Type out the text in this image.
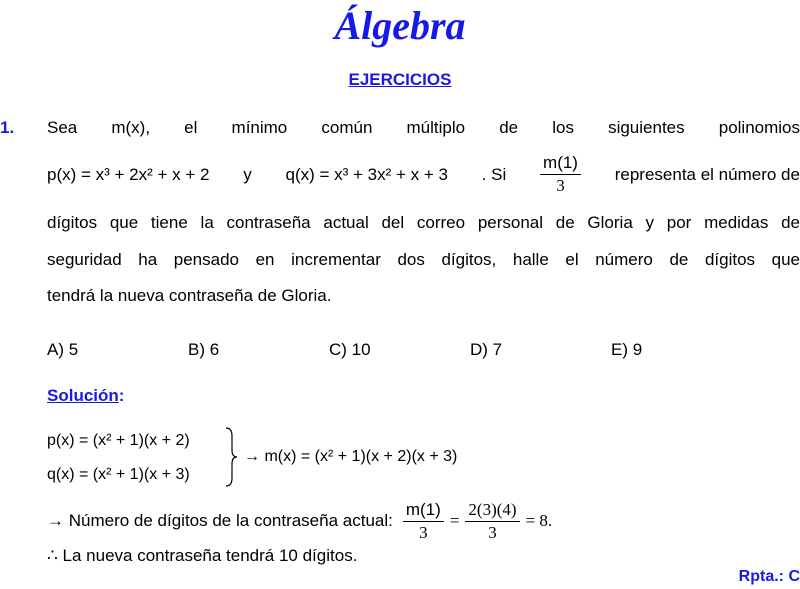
Álgebra
EJERCICIOS
1. Sea m(x), el mínimo común múltiplo de los siguientes polinomios
p(x) = x³ + 2x² + x + 2 y q(x) = x³ + 3x² + x + 3 . Si $\frac{m(1)}{3}$ representa el número de
dígitos que tiene la contraseña actual del correo personal de Gloria y por medidas de
seguridad ha pensado en incrementar dos dígitos, halle el número de dígitos que
tendrá la nueva contraseña de Gloria.
A) 5	B) 6	C) 10	D) 7	E) 9
Solución:
p(x) = (x² + 1)(x + 2)
q(x) = (x² + 1)(x + 3)
→ m(x) = (x² + 1)(x + 2)(x + 3)
→ Número de dígitos de la contraseña actual: $\frac{m(1)}{3} = \frac{2(3)(4)}{3} = 8$.
∴ La nueva contraseña tendrá 10 dígitos.
Rpta.: C
